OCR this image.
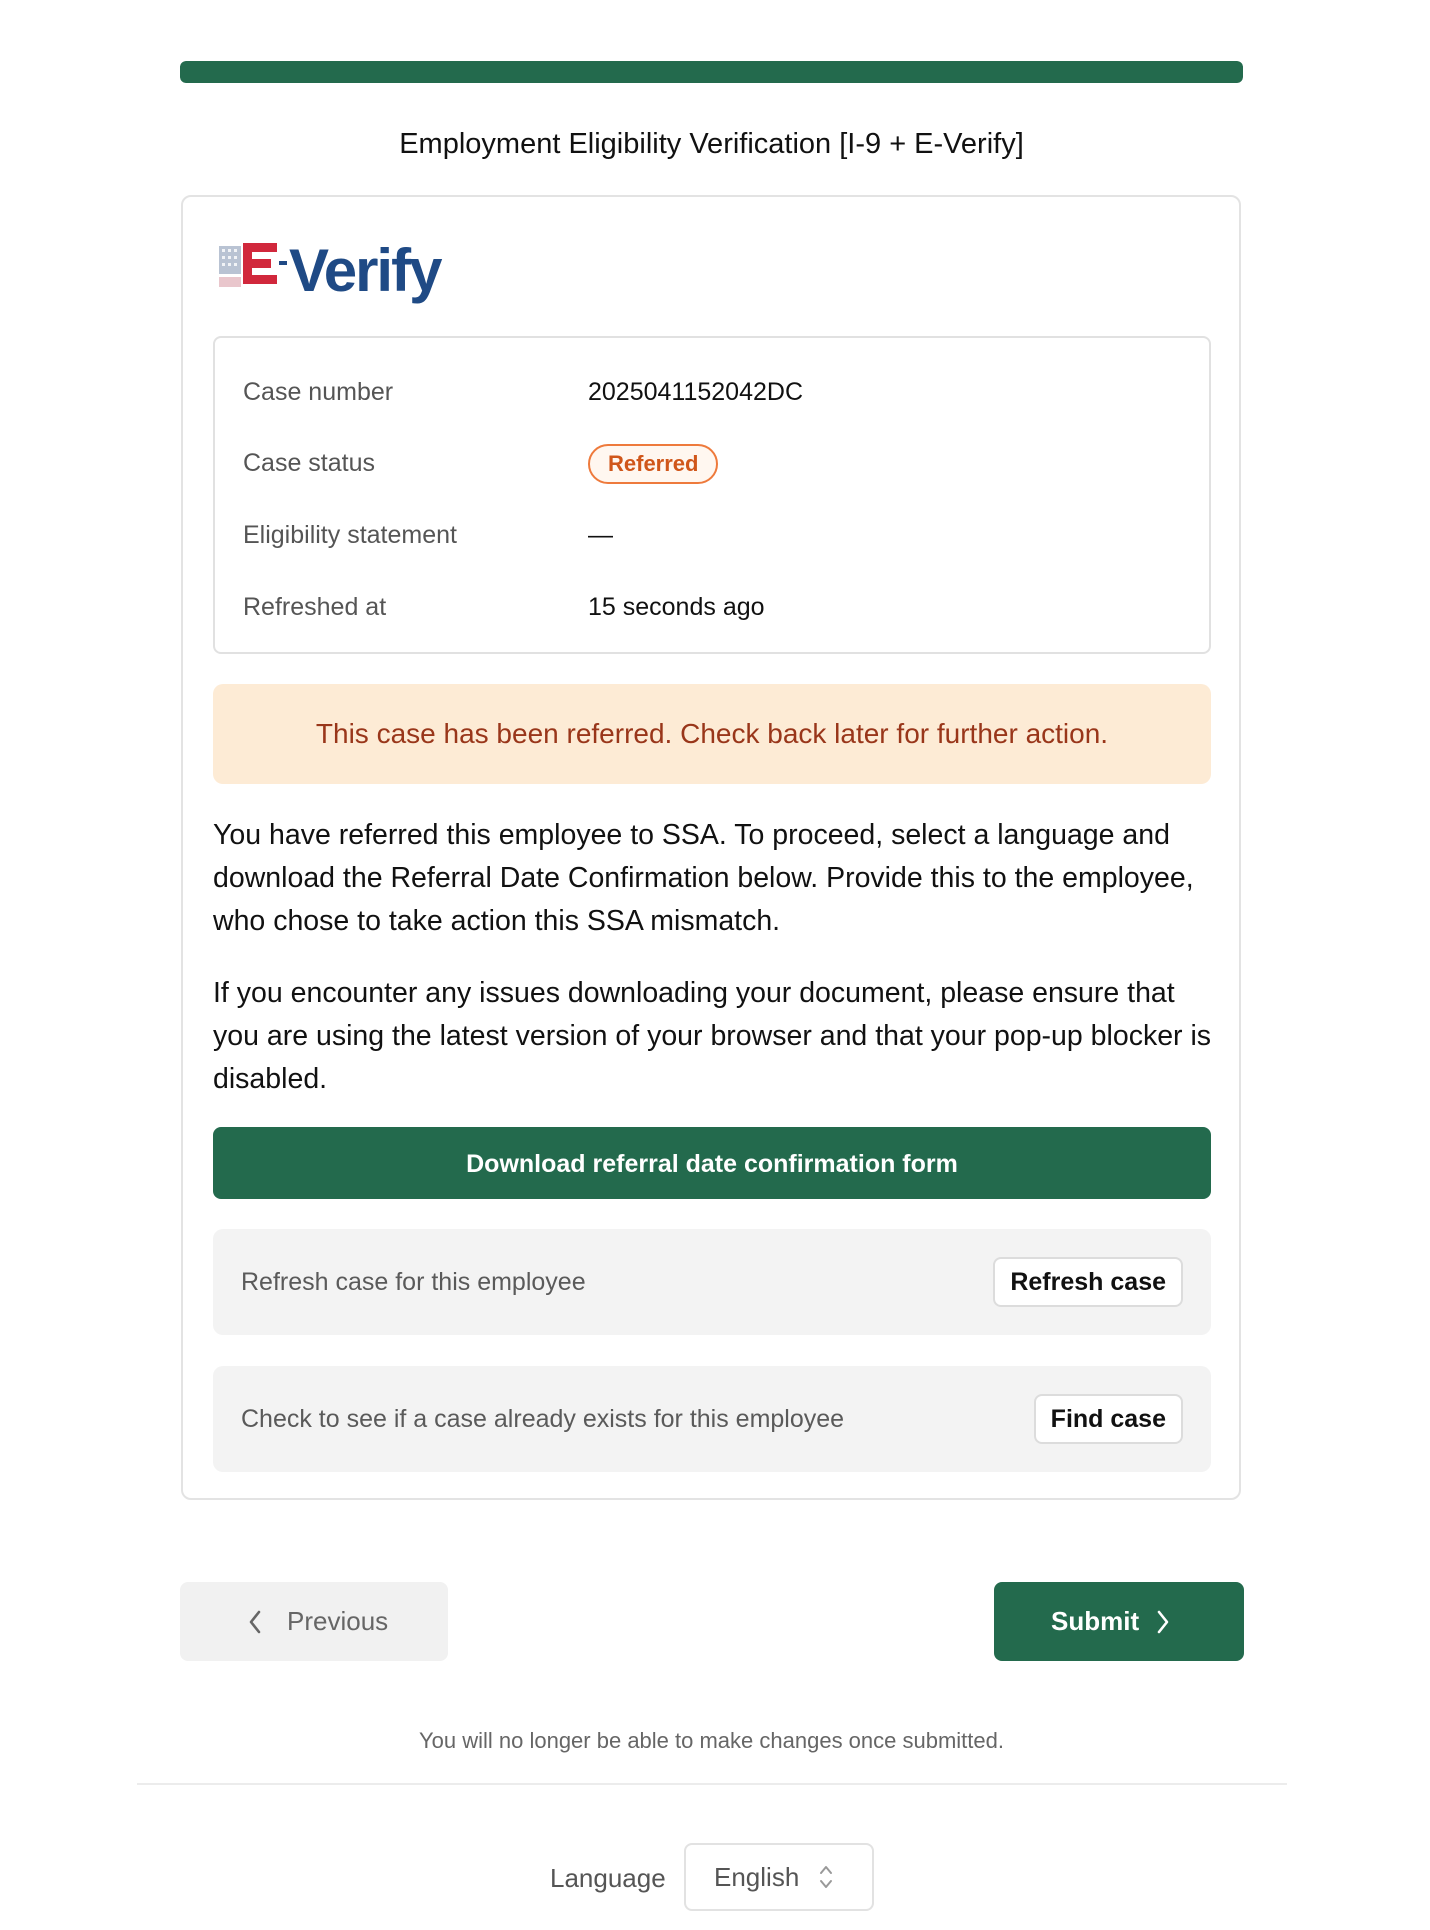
Employment Eligibility Verification [I-9 + E-Verify]
Verify
Case number	2025041152042DC
Case status	Referred
Eligibility statement	—
Refreshed at	15 seconds ago
This case has been referred. Check back later for further action.
You have referred this employee to SSA. To proceed, select a language and download the Referral Date Confirmation below. Provide this to the employee, who chose to take action this SSA mismatch.
If you encounter any issues downloading your document, please ensure that you are using the latest version of your browser and that your pop-up blocker is disabled.
Download referral date confirmation form
Refresh case for this employee	Refresh case
Check to see if a case already exists for this employee	Find case
Previous	Submit
You will no longer be able to make changes once submitted.
Language English
